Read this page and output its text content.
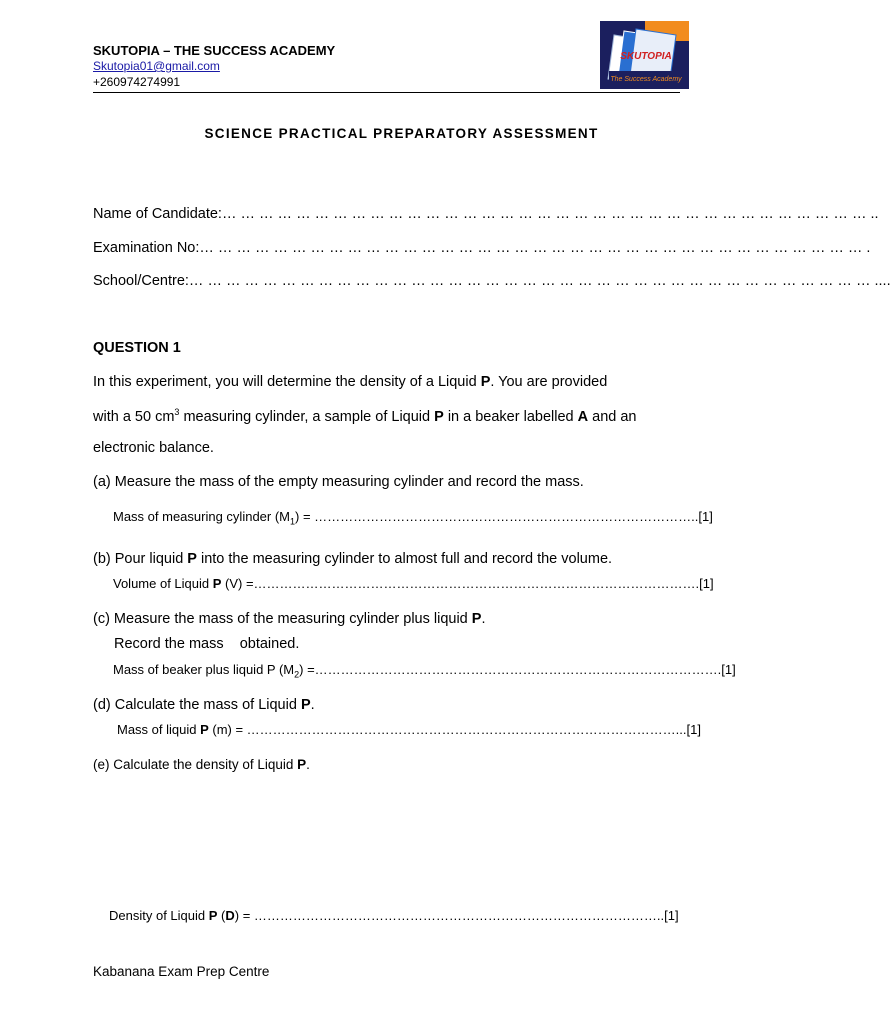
SKUTOPIA – THE SUCCESS ACADEMY
Skutopia01@gmail.com
+260974274991
SKUTOPIA
The Success Academy
SCIENCE PRACTICAL PREPARATORY ASSESSMENT
Name of Candidate:… … … … … … … … … … … … … … … … … … … … … … … … … … … … … … … … … … … ..
Examination No:… … … … … … … … … … … … … … … … … … … … … … … … … … … … … … … … … … … … .
School/Centre:… … … … … … … … … … … … … … … … … … … … … … … … … … … … … … … … … … … … … ....
QUESTION 1
In this experiment, you will determine the density of a Liquid P. You are provided
with a 50 $cm^3$ measuring cylinder, a sample of Liquid P in a beaker labelled A and an
electronic balance.
(a) Measure the mass of the empty measuring cylinder and record the mass.
Mass of measuring cylinder $(M_1)$ = ……………………………………………………………………………..[1]
(b) Pour liquid P into the measuring cylinder to almost full and record the volume.
Volume of Liquid P (V) =………………………………………………………………………………………….[1]
(c) Measure the mass of the measuring cylinder plus liquid P.
Record the mass    obtained.
Mass of beaker plus liquid P $(M_2)$ =………………………………………………………………………………….[1]
(d) Calculate the mass of Liquid P.
Mass of liquid P (m) = ………………………………………………………………………………………...[1]
(e) Calculate the density of Liquid P.
Density of Liquid P (D) = …………………………………………………………………………………..[1]
Kabanana Exam Prep Centre
